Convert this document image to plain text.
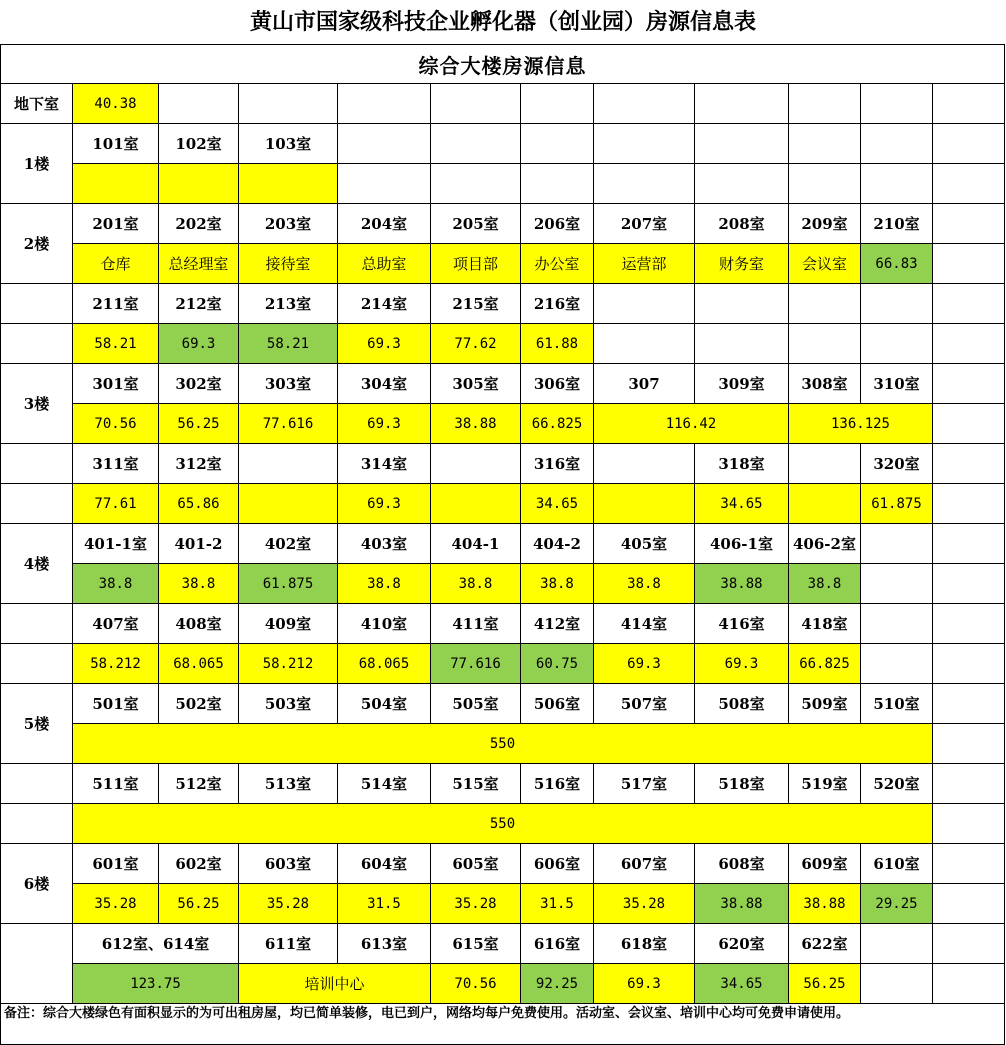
黄山市国家级科技企业孵化器（创业园）房源信息表
综合大楼房源信息											
地下室	40.38										
1楼	101室	102室	103室								

2楼	201室	202室	203室	204室	205室	206室	207室	208室	209室	210室	
	仓库	总经理室	接待室	总助室	项目部	办公室	运营部	财务室	会议室	66.83	
	211室	212室	213室	214室	215室	216室					
	58.21	69.3	58.21	69.3	77.62	61.88					
3楼	301室	302室	303室	304室	305室	306室	307	309室	308室	310室	
	70.56	56.25	77.616	69.3	38.88	66.825	116.42		136.125		
	311室	312室		314室		316室		318室		320室	
	77.61	65.86		69.3		34.65		34.65		61.875	
4楼	401-1室	401-2	402室	403室	404-1	404-2	405室	406-1室	406-2室		
	38.8	38.8	61.875	38.8	38.8	38.8	38.8	38.88	38.8		
	407室	408室	409室	410室	411室	412室	414室	416室	418室		
	58.212	68.065	58.212	68.065	77.616	60.75	69.3	69.3	66.825		
5楼	501室	502室	503室	504室	505室	506室	507室	508室	509室	510室	
	550										
	511室	512室	513室	514室	515室	516室	517室	518室	519室	520室	
	550										
6楼	601室	602室	603室	604室	605室	606室	607室	608室	609室	610室	
	35.28	56.25	35.28	31.5	35.28	31.5	35.28	38.88	38.88	29.25	
	612室、614室		611室	613室	615室	616室	618室	620室	622室		
	123.75		培训中心		70.56	92.25	69.3	34.65	56.25		
备注：综合大楼绿色有面积显示的为可出租房屋，均已简单装修，电已到户，网络均每户免费使用。活动室、会议室、培训中心均可免费申请使用。											
